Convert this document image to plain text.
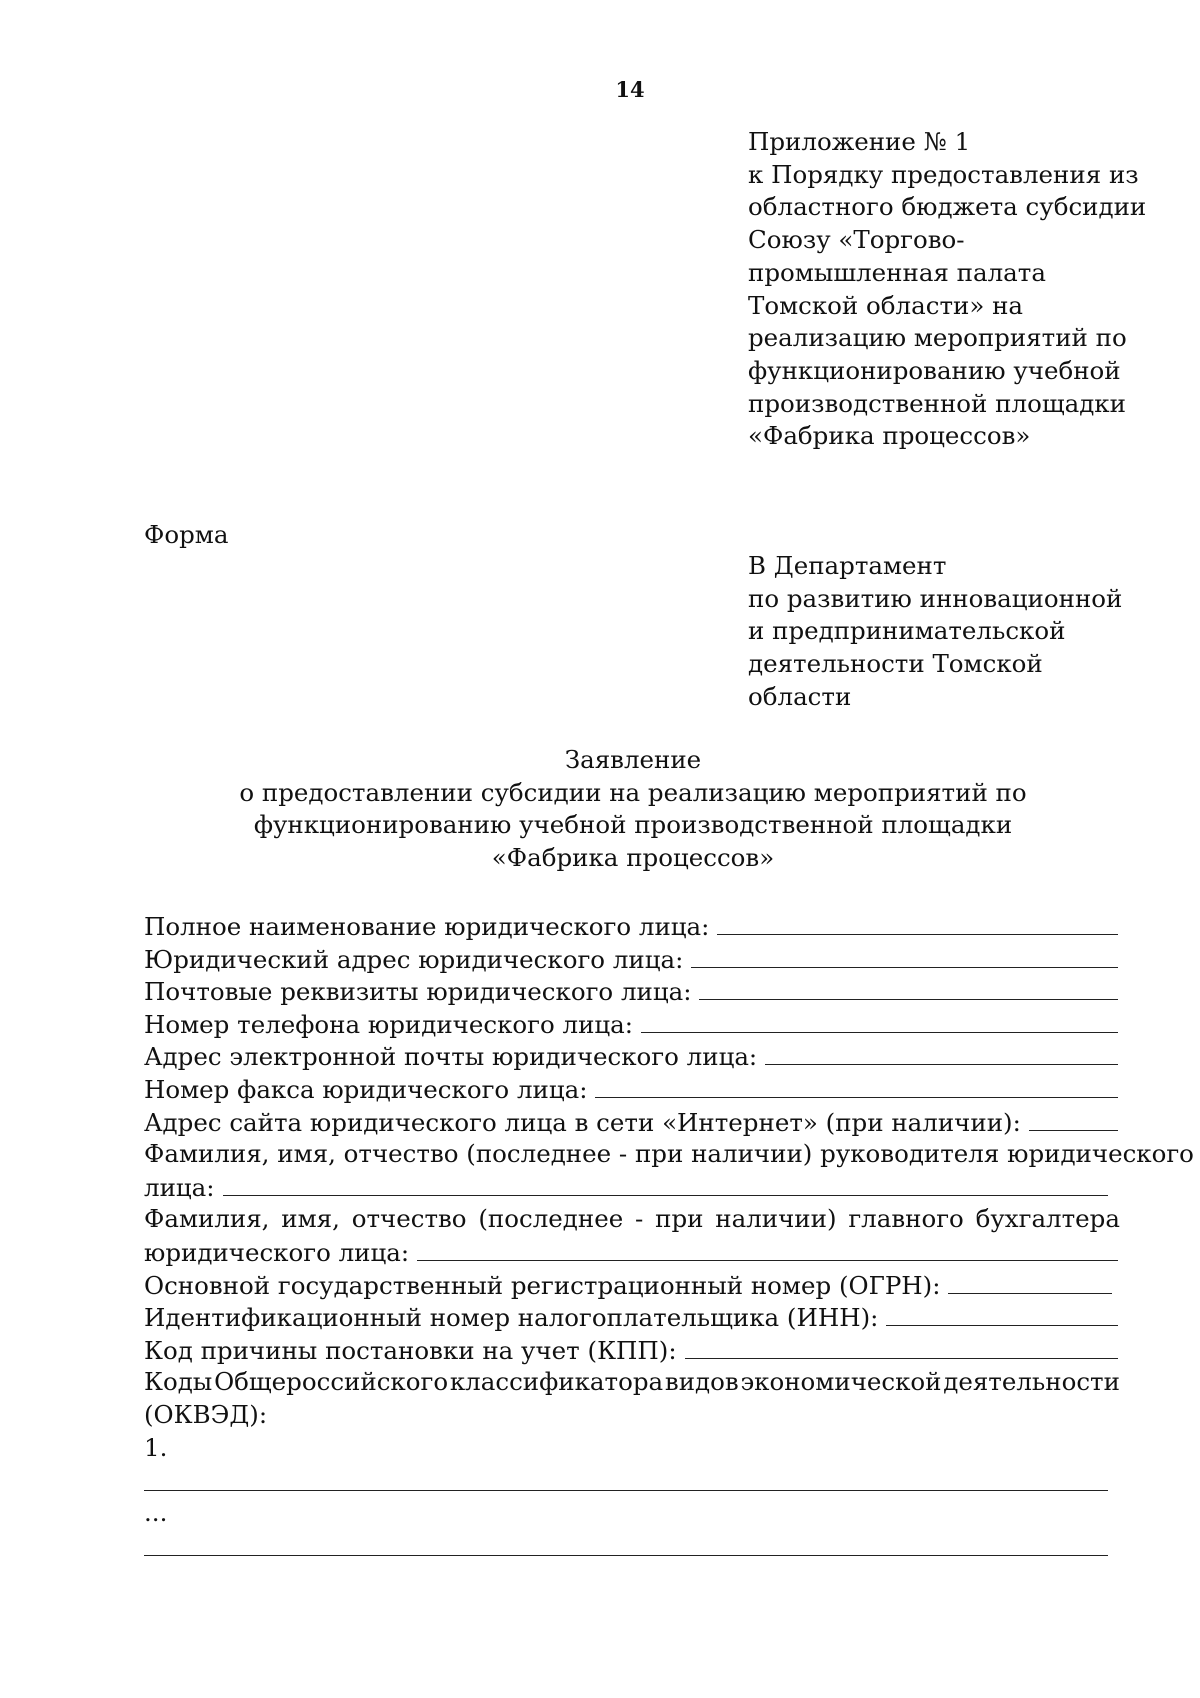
14
Приложение № 1
к Порядку предоставления из
областного бюджета субсидии
Союзу «Торгово-
промышленная палата
Томской области» на
реализацию мероприятий по
функционированию учебной
производственной площадки
«Фабрика процессов»
Форма
В Департамент
по развитию инновационной
и предпринимательской
деятельности Томской
области
Заявление
о предоставлении субсидии на реализацию мероприятий по
функционированию учебной производственной площадки
«Фабрика процессов»
Полное наименование юридического лица:
Юридический адрес юридического лица:
Почтовые реквизиты юридического лица:
Номер телефона юридического лица:
Адрес электронной почты юридического лица:
Номер факса юридического лица:
Адрес сайта юридического лица в сети «Интернет» (при наличии):
Фамилия, имя, отчество (последнее - при наличии) руководителя юридического
лица:
Фамилия, имя, отчество (последнее - при наличии) главного бухгалтера
юридического лица:
Основной государственный регистрационный номер (ОГРН):
Идентификационный номер налогоплательщика (ИНН):
Код причины постановки на учет (КПП):
Коды Общероссийского классификатора видов экономической деятельности
(ОКВЭД):
1.
...
